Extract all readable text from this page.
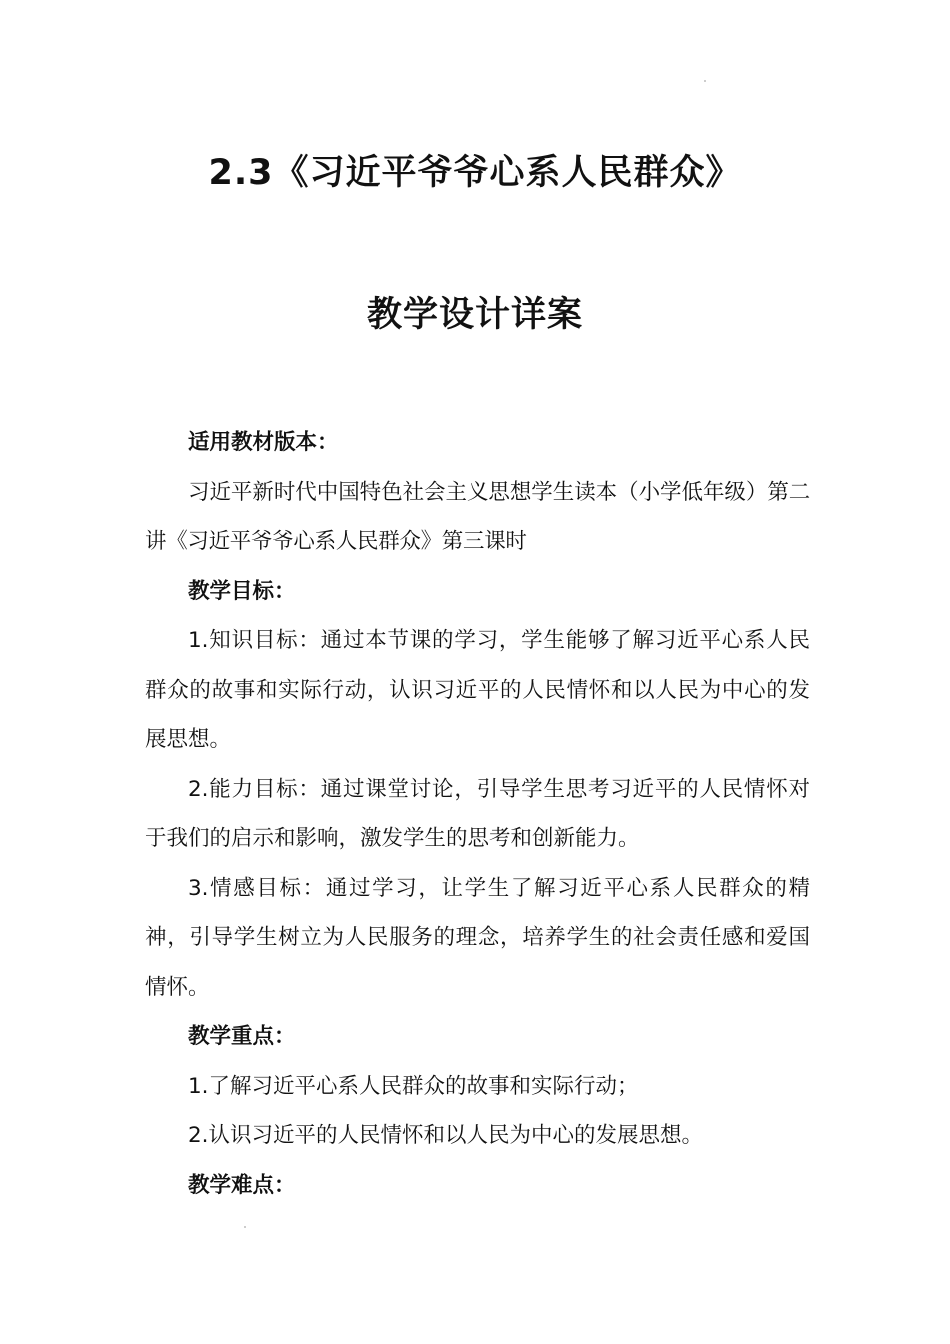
2.3《习近平爷爷心系人民群众》
教学设计详案

适用教材版本：

习近平新时代中国特色社会主义思想学生读本（小学低年级）第二讲《习近平爷爷心系人民群众》第三课时

教学目标：

1.知识目标：通过本节课的学习，学生能够了解习近平心系人民群众的故事和实际行动，认识习近平的人民情怀和以人民为中心的发展思想。

2.能力目标：通过课堂讨论，引导学生思考习近平的人民情怀对于我们的启示和影响，激发学生的思考和创新能力。

3.情感目标：通过学习，让学生了解习近平心系人民群众的精神，引导学生树立为人民服务的理念，培养学生的社会责任感和爱国情怀。

教学重点：

1.了解习近平心系人民群众的故事和实际行动；

2.认识习近平的人民情怀和以人民为中心的发展思想。

教学难点：
